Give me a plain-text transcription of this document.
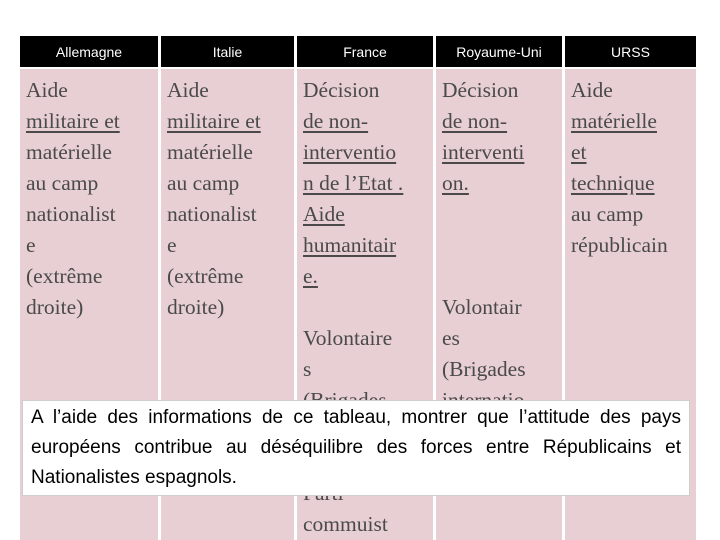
Allemagne
Aide
militaire et
matérielle
au camp
nationalist
e
(extrême
droite)
Italie
Aide
militaire et
matérielle
au camp
nationalist
e
(extrême
droite)
France
Décision
de non-
interventio
n de l’Etat .
Aide
humanitair
e.
Volontaire
s
commuist
Royaume-Uni
Décision
de non-
interventi
on.
Volontair
es
(Brigades
URSS
Aide
matérielle
et
technique
au camp
républicain
A l’aide des informations de ce tableau, montrer que l’attitude des pays européens contribue au déséquilibre des forces entre Républicains et Nationalistes espagnols.
